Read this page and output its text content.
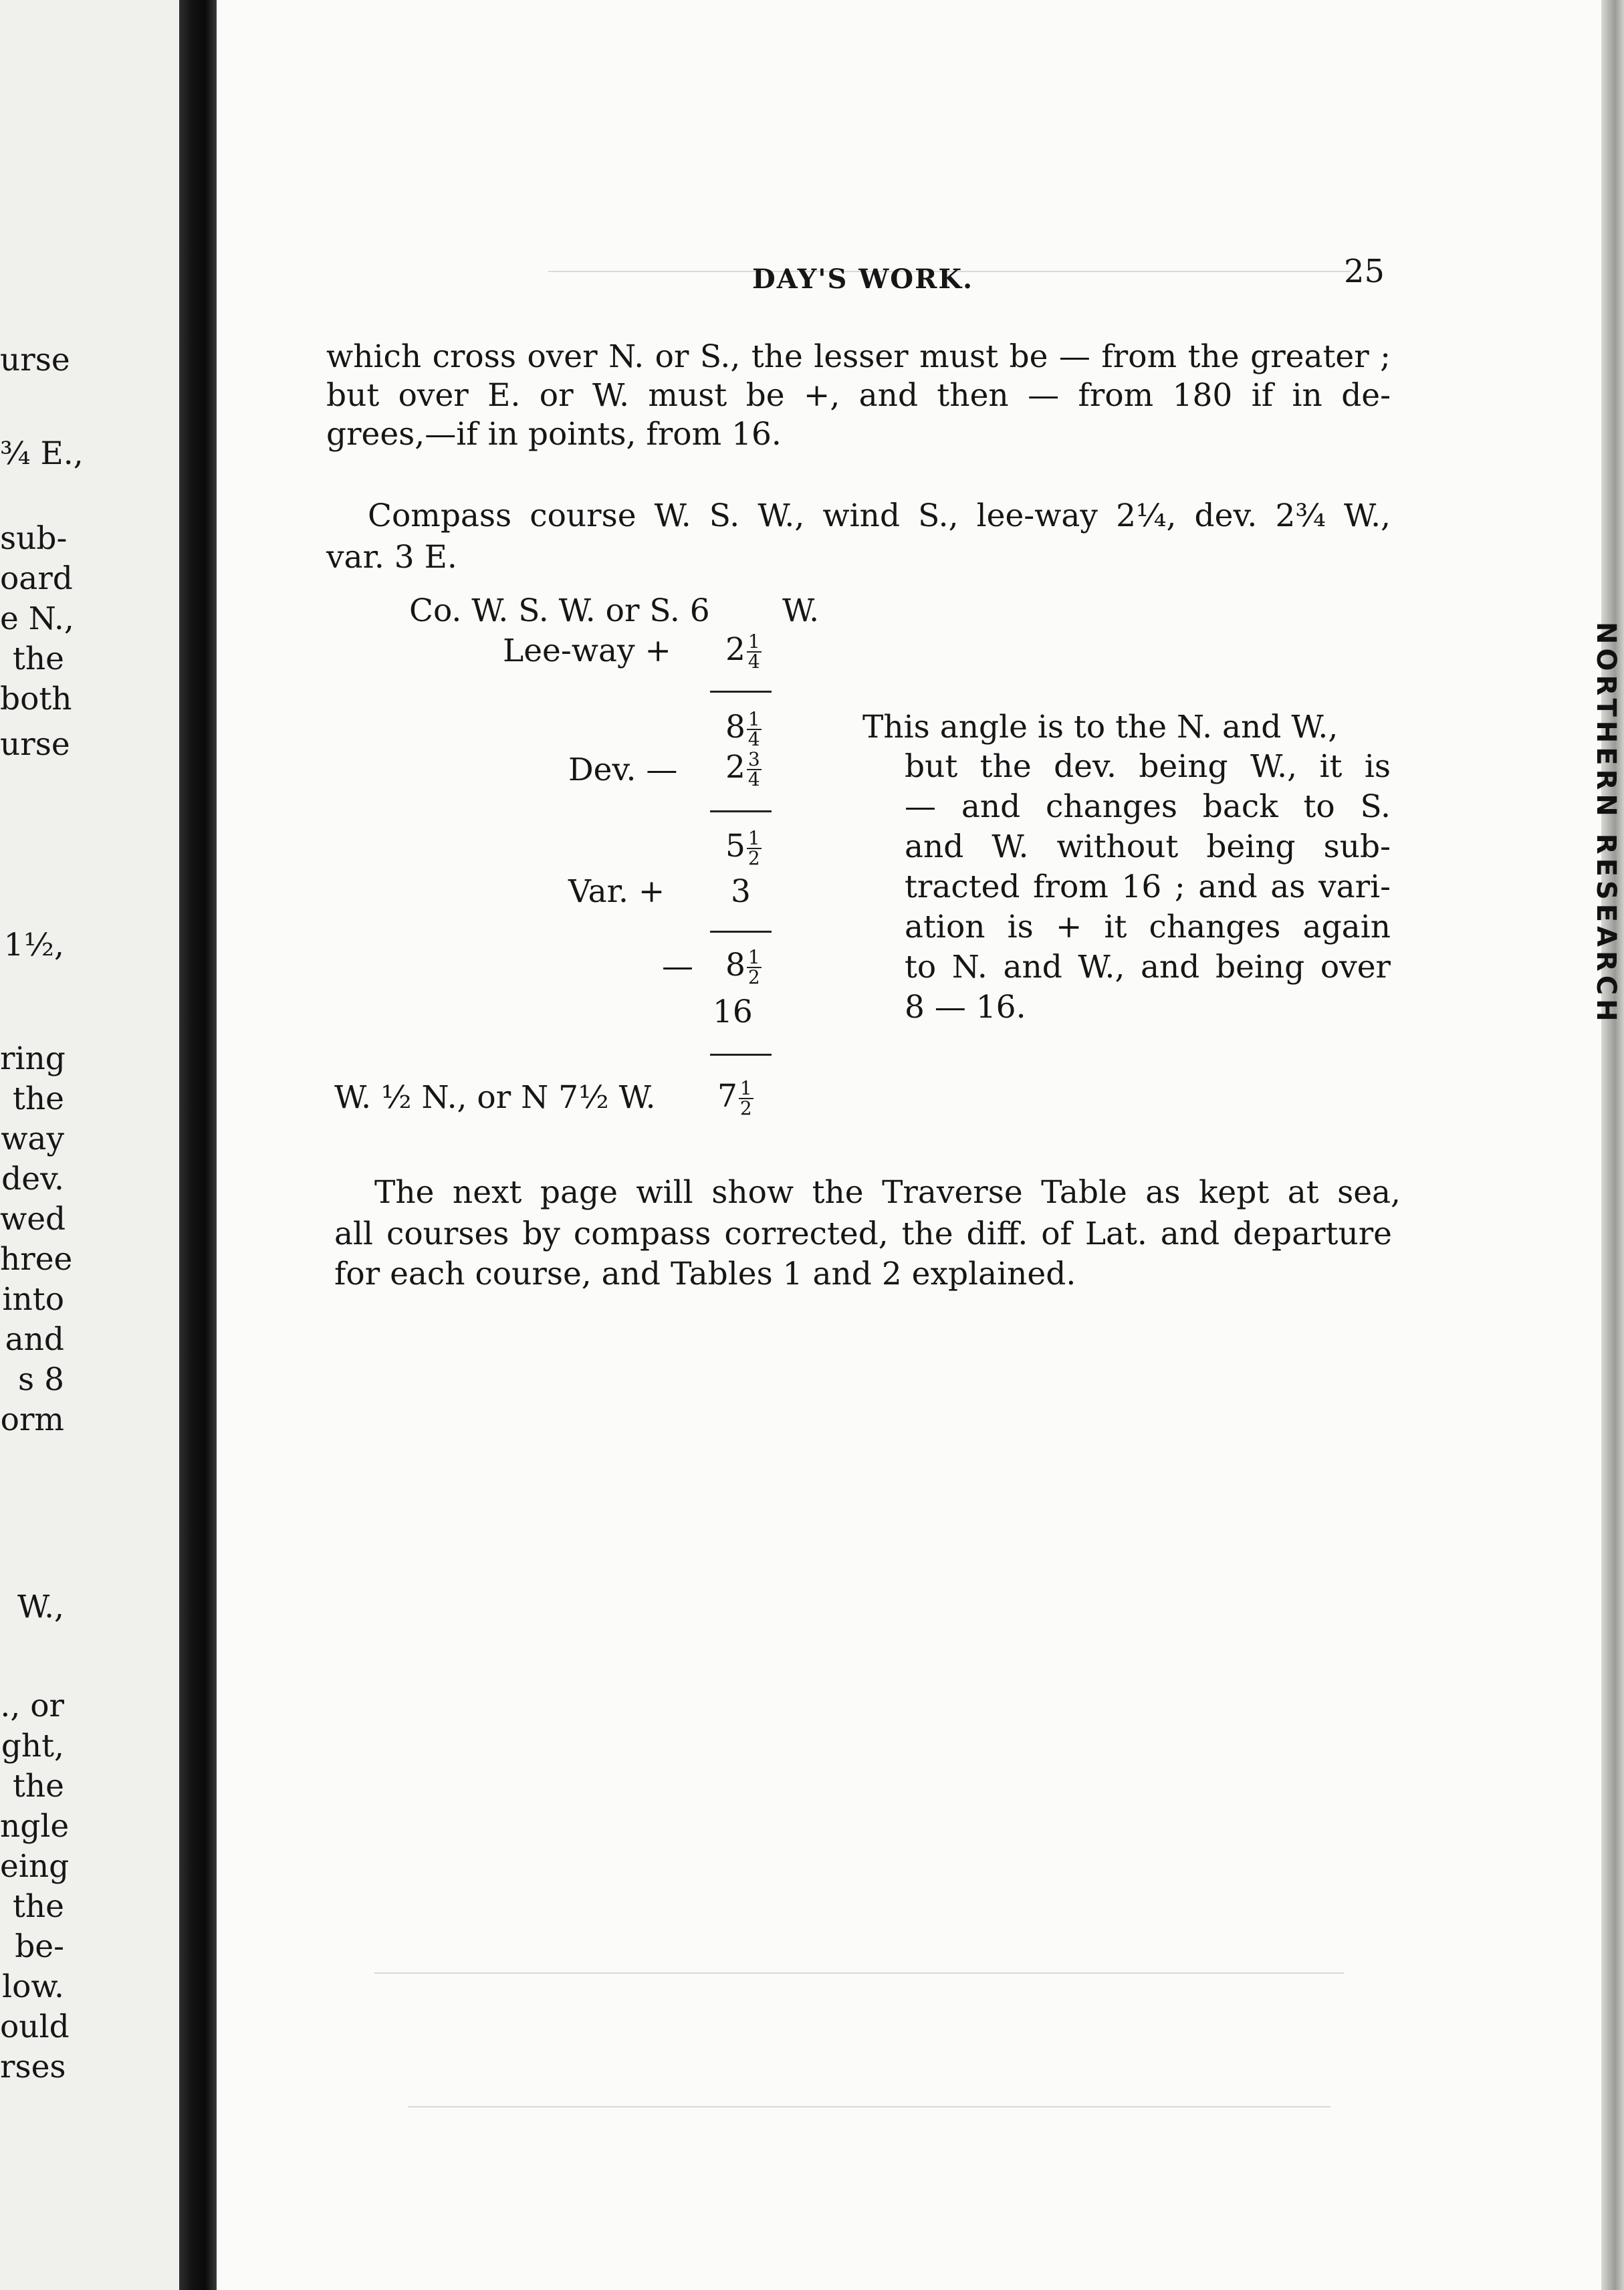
urse
¾ E.,
sub-
oard
e N.,
the
both
urse
1½,
ring
the
way
dev.
wed
hree
into
and
s 8
orm
W.,
., or
ght,
the
ngle
eing
the
be-
low.
ould
rses
NORTHERN RESEARCH
DAY'S WORK.	25
which cross over N. or S., the lesser must be — from the greater ;
but over E. or W. must be +, and then — from 180 if in de-
grees,—if in points, from 16.
Compass course W. S. W., wind S., lee-way 2¼, dev. 2¾ W.,
var. 3 E.
Co. W. S. W. or S. 6 W.
$Lee-way + 2 \frac{1}{4}$
$8 \frac{1}{4}$
Dev. — $2 \frac{3}{4}$
$5 \frac{1}{2}$
Var. + 3
— $8 \frac{1}{2}$
16
W. ½ N., or N 7½ W. $7 \frac{1}{2}$
This angle is to the N. and W.,
but the dev. being W., it is
— and changes back to S.
and W. without being sub-
tracted from 16 ; and as vari-
ation is + it changes again
to N. and W., and being over
8 — 16.
The next page will show the Traverse Table as kept at sea,
all courses by compass corrected, the diff. of Lat. and departure
for each course, and Tables 1 and 2 explained.
